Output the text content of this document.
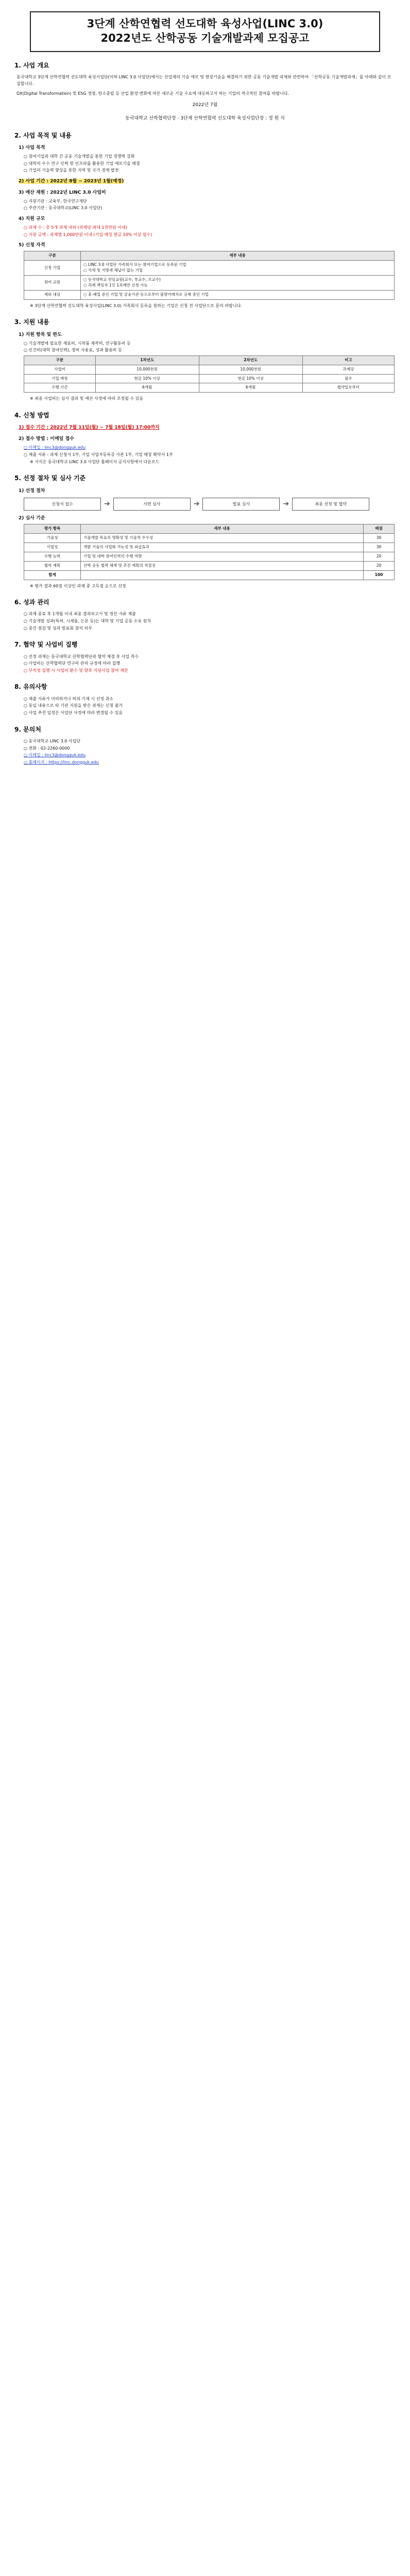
3단계 산학연협력 선도대학 육성사업(LINC 3.0)
2022년도 산학공동 기술개발과제 모집공고
1. 사업 개요
동국대학교 3단계 산학연협력 선도대학 육성사업단(이하 LINC 3.0 사업단)에서는 산업체의 기술 애로 및 현장기술을 해결하기 위한 공동 기술개발 과제와 관련하여 「산학공동 기술개발과제」를 아래와 같이 모집합니다.
DX(Digital Transformation) 및 ESG 경영, 탄소중립 등 산업 환경 변화에 따른 새로운 기술 수요에 대응하고자 하는 기업의 적극적인 참여를 바랍니다.
2022년 7월
동국대학교 산학협력단장 · 3단계 산학연협력 선도대학 육성사업단장 : 정 원 식
2. 사업 목적 및 내용
1) 사업 목적
○ 참여기업과 대학 간 공동 기술개발을 통한 기업 경쟁력 강화
○ 대학의 우수 연구 인력 및 인프라를 활용한 기업 애로기술 해결
○ 기업의 기술력 향상을 통한 지역 및 국가 경제 발전
2) 사업 기간 : 2022년 8월 ~ 2023년 1월(예정)
3) 예산 재원 : 2022년 LINC 3.0 사업비
○ 지원기관 : 교육부, 한국연구재단
○ 주관기관 : 동국대학교(LINC 3.0 사업단)
4) 지원 규모
○ 과제 수 : 총 5개 과제 내외 (과제당 최대 1천만원 이내)
○ 지원 금액 : 과제별 1,000만원 이내 (기업 매칭 현금 10% 이상 필수)
5) 신청 자격
구분	세부 내용
신청 기업	○ LINC 3.0 사업단 가족회사 또는 참여기업으로 등록된 기업
○ 국세 및 지방세 체납이 없는 기업
참여 교원	○ 동국대학교 전임교원(교수, 부교수, 조교수)
○ 과제 책임자 1인 1과제만 신청 가능
제외 대상	○ 휴·폐업 중인 기업 및 금융기관 등으로부터 불량거래처로 규제 중인 기업
※ 3단계 산학연협력 선도대학 육성사업(LINC 3.0) 가족회사 등록을 원하는 기업은 신청 전 사업단으로 문의 바랍니다.
3. 지원 내용
1) 지원 항목 및 한도
○ 기술개발에 필요한 재료비, 시작품 제작비, 연구활동비 등
○ 인건비(대학 참여인력), 장비 사용료, 성과 활용비 등
구분	1차년도	2차년도	비고
사업비	10,000천원	10,000천원	과제당
기업 매칭	현금 10% 이상	현금 10% 이상	필수
수행 기간	6개월	6개월	협약일로부터
※ 최종 사업비는 심사 결과 및 예산 사정에 따라 조정될 수 있음
4. 신청 방법
1) 접수 기간 : 2022년 7월 11일(월) ~ 7월 18일(월) 17:00까지
2) 접수 방법 : 이메일 접수
○ 이메일 : linc3@dongguk.edu
○ 제출 서류 : 과제 신청서 1부, 기업 사업자등록증 사본 1부, 기업 매칭 확약서 1부
※ 서식은 동국대학교 LINC 3.0 사업단 홈페이지 공지사항에서 다운로드
5. 선정 절차 및 심사 기준
1) 선정 절차
신청서 접수	➔	서면 심사	➔	발표 심사	➔	최종 선정 및 협약
2) 심사 기준
평가 항목	세부 내용	배점
기술성	기술개발 목표의 명확성 및 기술적 우수성	30
사업성	개발 기술의 사업화 가능성 및 파급효과	30
수행 능력	기업 및 대학 참여인력의 수행 역량	20
협력 계획	산학 공동 협력 체계 및 추진 계획의 적절성	20
합계		100
※ 평가 결과 60점 이상인 과제 중 고득점 순으로 선정
6. 성과 관리
○ 과제 종료 후 1개월 이내 최종 결과보고서 및 정산 서류 제출
○ 기술개발 성과(특허, 시제품, 논문 등)는 대학 및 기업 공동 소유 원칙
○ 중간 점검 및 성과 발표회 참석 의무
7. 협약 및 사업비 집행
○ 선정 과제는 동국대학교 산학협력단과 협약 체결 후 사업 착수
○ 사업비는 산학협력단 연구비 관리 규정에 따라 집행
○ 부적정 집행 시 사업비 환수 및 향후 지원사업 참여 제한
8. 유의사항
○ 제출 서류가 미비하거나 허위 기재 시 선정 취소
○ 동일 내용으로 타 기관 지원을 받은 과제는 신청 불가
○ 사업 추진 일정은 사업단 사정에 따라 변경될 수 있음
9. 문의처
○ 동국대학교 LINC 3.0 사업단
○ 전화 : 02-2260-0000
○ 이메일 : linc3@dongguk.edu
○ 홈페이지 : https://linc.dongguk.edu
